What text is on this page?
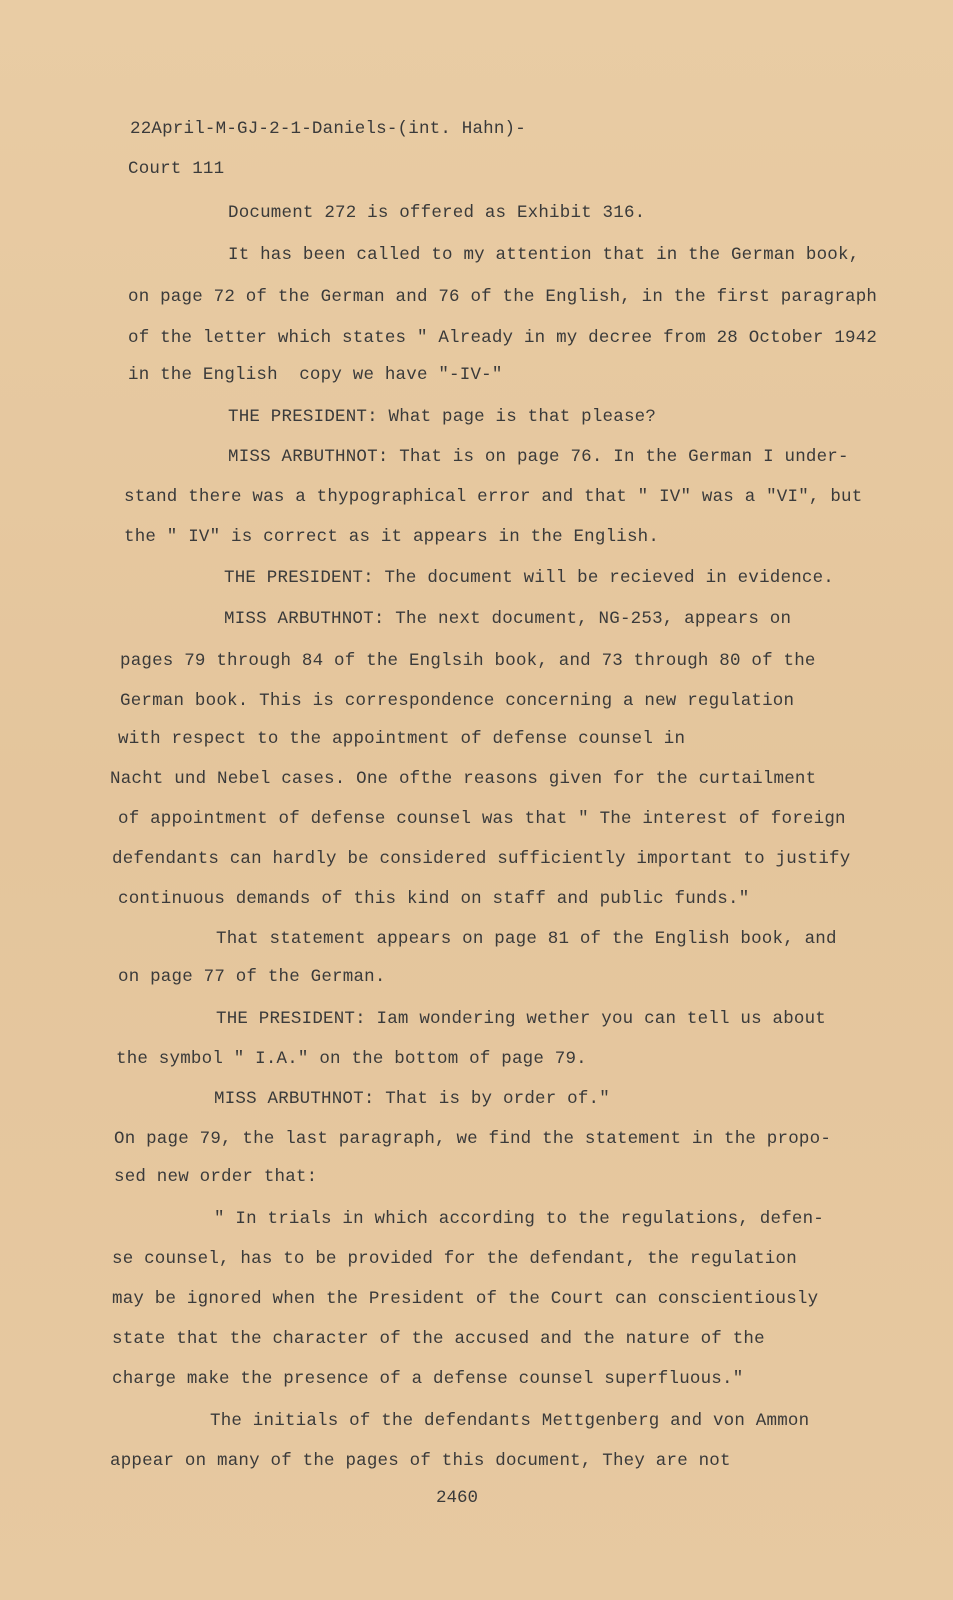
22April-M-GJ-2-1-Daniels-(int. Hahn)-
Court 111
Document 272 is offered as Exhibit 316.
It has been called to my attention that in the German book,
on page 72 of the German and 76 of the English, in the first paragraph
of the letter which states " Already in my decree from 28 October 1942
in the English  copy we have "-IV-"
THE PRESIDENT: What page is that please?
MISS ARBUTHNOT: That is on page 76. In the German I under-
stand there was a thypographical error and that " IV" was a "VI", but
the " IV" is correct as it appears in the English.
THE PRESIDENT: The document will be recieved in evidence.
MISS ARBUTHNOT: The next document, NG-253, appears on
pages 79 through 84 of the Englsih book, and 73 through 80 of the
German book. This is correspondence concerning a new regulation
with respect to the appointment of defense counsel in
Nacht und Nebel cases. One ofthe reasons given for the curtailment
of appointment of defense counsel was that " The interest of foreign
defendants can hardly be considered sufficiently important to justify
continuous demands of this kind on staff and public funds."
That statement appears on page 81 of the English book, and
on page 77 of the German.
THE PRESIDENT: Iam wondering wether you can tell us about
the symbol " I.A." on the bottom of page 79.
MISS ARBUTHNOT: That is by order of."
On page 79, the last paragraph, we find the statement in the propo-
sed new order that:
" In trials in which according to the regulations, defen-
se counsel, has to be provided for the defendant, the regulation
may be ignored when the President of the Court can conscientiously
state that the character of the accused and the nature of the
charge make the presence of a defense counsel superfluous."
The initials of the defendants Mettgenberg and von Ammon
appear on many of the pages of this document, They are not
2460
